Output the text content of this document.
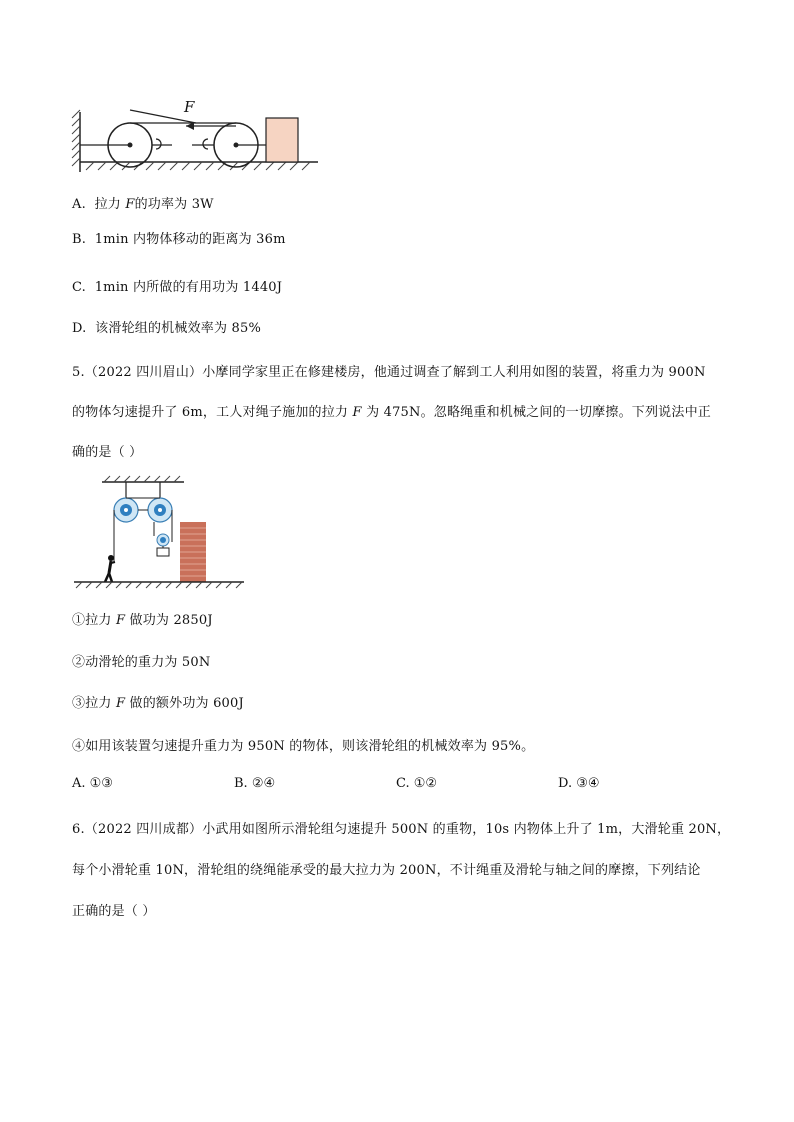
F
A. 拉力 F的功率为 3W
B. 1min 内物体移动的距离为 36m
C. 1min 内所做的有用功为 1440J
D. 该滑轮组的机械效率为 85%
5.（2022 四川眉山）小摩同学家里正在修建楼房，他通过调查了解到工人利用如图的装置，将重力为 900N
的物体匀速提升了 6m，工人对绳子施加的拉力 F 为 475N。忽略绳重和机械之间的一切摩擦。下列说法中正
确的是（ ）
①拉力 F 做功为 2850J
②动滑轮的重力为 50N
③拉力 F 做的额外功为 600J
④如用该装置匀速提升重力为 950N 的物体，则该滑轮组的机械效率为 95%。
A. ①③	B. ②④	C. ①②	D. ③④
6.（2022 四川成都）小武用如图所示滑轮组匀速提升 500N 的重物，10s 内物体上升了 1m，大滑轮重 20N，
每个小滑轮重 10N，滑轮组的绕绳能承受的最大拉力为 200N，不计绳重及滑轮与轴之间的摩擦，下列结论
正确的是（ ）
